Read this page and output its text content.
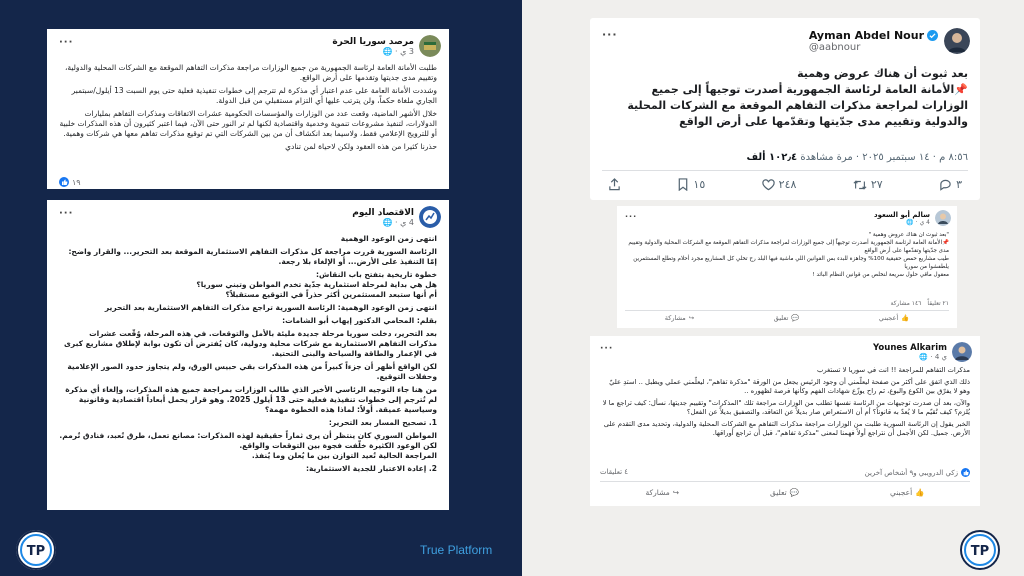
Ayman Abdel Nour
@aabnour
···
بعد ثبوت أن هناك عروض وهمية
📌الأمانة العامة لرئاسة الجمهورية أصدرت توجيهاً إلى جميع الوزارات لمراجعة مذكرات التفاهم الموقعة مع الشركات المحلية والدولية وتقييم مدى جدّيتها وتقدّمها على أرض الواقع
٨:٥٦ م · ١٤ سبتمبر ٢٠٢٥ · مرة مشاهدة ١٠٢٫٤ ألف
١٥	٢٤٨	٢٧	٣
···	مرصد سوريا الحرة
3 ي · 🌐

طلبت الأمانة العامة لرئاسة الجمهورية من جميع الوزارات مراجعة مذكرات التفاهم الموقعة مع الشركات المحلية والدولية، وتقييم مدى جديتها وتقدمها على أرض الواقع.

وشددت الأمانة العامة على عدم اعتبار أي مذكرة لم تترجم إلى خطوات تنفيذية فعلية حتى يوم السبت 13 أيلول/سبتمبر الجاري ملغاة حكماً، ولن يترتب عليها أي التزام مستقبلي من قبل الدولة.

خلال الأشهر الماضية، وقعت عدد من الوزارات والمؤسسات الحكومية عشرات الاتفاقات ومذكرات التفاهم بمليارات الدولارات، لتنفيذ مشروعات تنموية وخدمية واقتصادية لكنها لم تر النور حتى الآن، فيما اعتبر كثيرون أن هذه المذكرات خلبية أو للترويج الإعلامي فقط، ولاسيما بعد انكشاف أن من بين الشركات التي تم توقيع مذكرات تفاهم معها هي شركات وهمية.

حذرنا كثيرا من هذه العقود ولكن لاحياة لمن تنادي

١٩
···	الاقتصاد اليوم
4 ي · 🌐

انتهى زمن الوعود الوهمية

الرئاسة السورية قررت مراجعة كل مذكرات التفاهم الاستثمارية الموقعة بعد التحرير... والقرار واضح: إمّا التنفيذ على الأرض... أو الإلغاء بلا رجعة.

خطوة تاريخية بتفتح باب النقاش:

هل هي بداية لمرحلة استثمارية جدّية تخدم المواطن وتبني سوريا؟

أم أنها ستبعد المستثمرين أكثر حذراً في التوقيع مستقبلاً؟

انتهى زمن الوعود الوهمية: الرئاسة السورية تراجع مذكرات التفاهم الاستثمارية بعد التحرير

بقلم: المحامي الدكتور إيهاب أبو الشامات:

بعد التحرير، دخلت سوريا مرحلة جديدة مليئة بالأمل والتوقعات. في هذه المرحلة، وُقّعت عشرات مذكرات التفاهم الاستثمارية مع شركات محلية ودولية، كان يُفترض أن تكون بوابة لإطلاق مشاريع كبرى في الإعمار والطاقة والسياحة والبنى التحتية.

لكن الواقع أظهر أن جزءاً كبيراً من هذه المذكرات بقي حبيس الورق، ولم يتجاوز حدود الصور الإعلامية وحفلات التوقيع.

من هنا جاء التوجيه الرئاسي الأخير الذي طالب الوزارات بمراجعة جميع هذه المذكرات، وإلغاء أي مذكرة لم تُترجم إلى خطوات تنفيذية فعلية حتى 13 أيلول 2025. وهو قرار يحمل أبعاداً اقتصادية وقانونية وسياسية عميقة. أولاً: لماذا هذه الخطوة مهمة؟

1. تصحيح المسار بعد التحرير:

المواطن السوري كان ينتظر أن يرى ثماراً حقيقية لهذه المذكرات: مصانع تعمل، طرق تُعبد، فنادق تُرمم. لكن الوعود الكثيرة خلّفت فجوة بين التوقعات والواقع.

المراجعة الحالية تُعيد التوازن بين ما يُعلن وما يُنفذ.

2. إعادة الاعتبار للجدية الاستثمارية:

···	سالم أبو السعود
4 ي · 🌐

"بعد ثبوت أن هناك عروض وهمية "

📌الأمانة العامة لرئاسة الجمهورية أصدرت توجيهاً إلى جميع الوزارات لمراجعة مذكرات التفاهم الموقعة مع الشركات المحلية والدولية وتقييم مدى جدّيتها وتقدّمها على أرض الواقع

طيب مشاريع حمص حقيقية 100% وجاهزة للبدء بس القوانين اللي ماشية فيها البلد رح تخلي كل المشاريع مجرد أحلام وتطلع المستثمرين يلطفشوا من سوريا

معقول ماقي حلول سريعة لنخلص من قوانين النظام البائد !

٢١ تعليقاً
١٤٦ مشاركة
👍
أعجبني
💬
تعليق
↪
مشاركة
···	Younes Alkarim
🌐 · 4 ي

مذكرات التفاهم للمراجعة !! انت في سوريا لا تستغرب

ذلك الذي اتفق على أكثر من صفحة ليعلّمني أن وجود الرئيس يجعل من الورقة "مذكرة تفاهم"، ليعلّمني عملي ويطبل .. استدِ عليّ وهو لا يفرّق بين الكوع والبوع، ثم راح يوزّع شهادات الفهم وكأنها فرصة لظهوره ..

والآن، بعد أن صدرت توجيهات من الرئاسة نفسها تطلب من الوزارات مراجعة تلك "المذكرات" وتقييم جديتها، نسأل: كيف تراجع ما لا يُلزم؟ كيف تُقيّم ما لا يُعدّ به قانوناً؟ أم أن الاستعراض صار بديلاً عن التعاقد، والتصفيق بديلاً عن الفعل؟

الخبر يقول إن الرئاسة السورية طلبت من الوزارات مراجعة مذكرات التفاهم مع الشركات المحلية والدولية، وتحديد مدى التقدم على الأرض. جميل. لكن الأجمل أن نتراجع أولاً فهمنا لمعنى "مذكرة تفاهم"، قبل أن تراجع أوراقها.

زكي الدرويبي و٩ أشخاص آخرين
٤ تعليقات
👍
أعجبني
💬
تعليق
↪
مشاركة
TP	True Platform	TP
